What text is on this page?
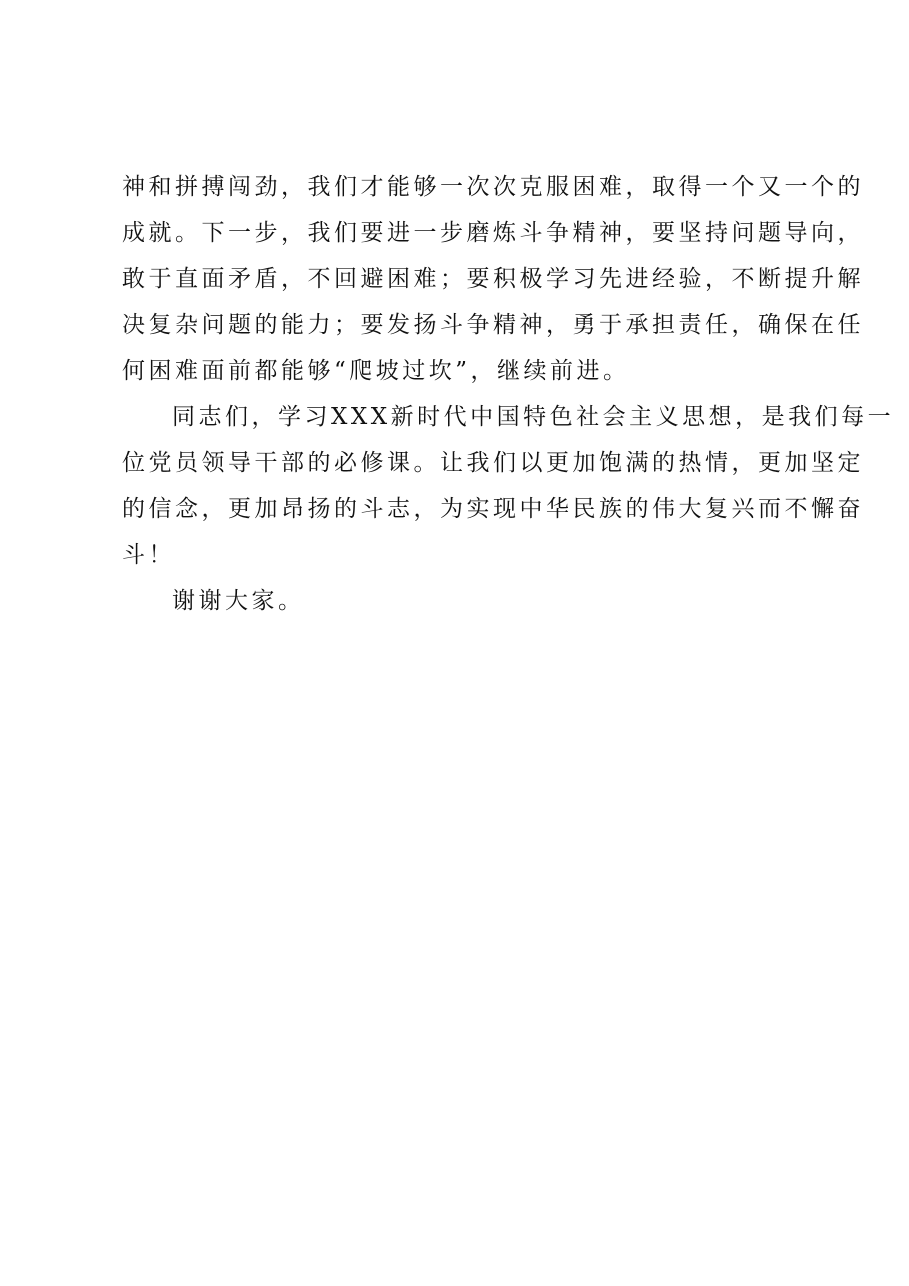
神和拼搏闯劲，我们才能够一次次克服困难，取得一个又一个的
成就。下一步，我们要进一步磨炼斗争精神，要坚持问题导向，
敢于直面矛盾，不回避困难；要积极学习先进经验，不断提升解
决复杂问题的能力；要发扬斗争精神，勇于承担责任，确保在任
何困难面前都能够“爬坡过坎”，继续前进。
同志们，学习XXX新时代中国特色社会主义思想，是我们每一
位党员领导干部的必修课。让我们以更加饱满的热情，更加坚定
的信念，更加昂扬的斗志，为实现中华民族的伟大复兴而不懈奋
斗！
谢谢大家。
